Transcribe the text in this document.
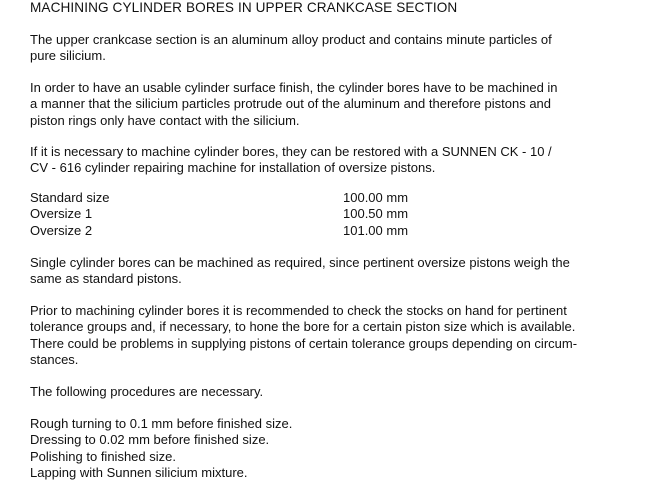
MACHINING CYLINDER BORES IN UPPER CRANKCASE SECTION
The upper crankcase section is an aluminum alloy product and contains minute particles of
pure silicium.
In order to have an usable cylinder surface finish, the cylinder bores have to be machined in
a manner that the silicium particles protrude out of the aluminum and therefore pistons and
piston rings only have contact with the silicium.
If it is necessary to machine cylinder bores, they can be restored with a SUNNEN CK - 10 /
CV - 616 cylinder repairing machine for installation of oversize pistons.
Standard size	100.00 mm
Oversize 1	100.50 mm
Oversize 2	101.00 mm
Single cylinder bores can be machined as required, since pertinent oversize pistons weigh the
same as standard pistons.
Prior to machining cylinder bores it is recommended to check the stocks on hand for pertinent
tolerance groups and, if necessary, to hone the bore for a certain piston size which is available.
There could be problems in supplying pistons of certain tolerance groups depending on circum-
stances.
The following procedures are necessary.
Rough turning to 0.1 mm before finished size.
Dressing to 0.02 mm before finished size.
Polishing to finished size.
Lapping with Sunnen silicium mixture.
